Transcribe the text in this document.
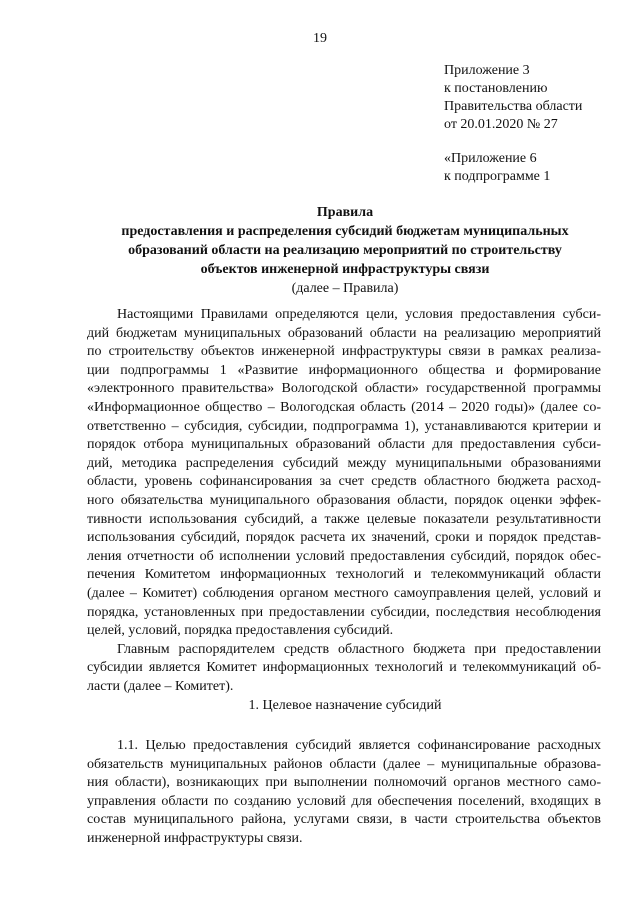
19
Приложение 3
к постановлению
Правительства области
от 20.01.2020 № 27
«Приложение 6
к подпрограмме 1
Правила
предоставления и распределения субсидий бюджетам муниципальных
образований области на реализацию мероприятий по строительству
объектов инженерной инфраструктуры связи
(далее – Правила)

Настоящими Правилами определяются цели, условия предоставления субси-
дий бюджетам муниципальных образований области на реализацию мероприятий
по строительству объектов инженерной инфраструктуры связи в рамках реализа-
ции подпрограммы 1 «Развитие информационного общества и формирование
«электронного правительства» Вологодской области» государственной программы
«Информационное общество – Вологодская область (2014 – 2020 годы)» (далее со-
ответственно – субсидия, субсидии, подпрограмма 1), устанавливаются критерии и
порядок отбора муниципальных образований области для предоставления субси-
дий, методика распределения субсидий между муниципальными образованиями
области, уровень софинансирования за счет средств областного бюджета расход-
ного обязательства муниципального образования области, порядок оценки эффек-
тивности использования субсидий, а также целевые показатели результативности
использования субсидий, порядок расчета их значений, сроки и порядок представ-
ления отчетности об исполнении условий предоставления субсидий, порядок обес-
печения Комитетом информационных технологий и телекоммуникаций области
(далее – Комитет) соблюдения органом местного самоуправления целей, условий и
порядка, установленных при предоставлении субсидии, последствия несоблюдения
целей, условий, порядка предоставления субсидий.

Главным распорядителем средств областного бюджета при предоставлении
субсидии является Комитет информационных технологий и телекоммуникаций об-
ласти (далее – Комитет).

1. Целевое назначение субсидий

1.1. Целью предоставления субсидий является софинансирование расходных
обязательств муниципальных районов области (далее – муниципальные образова-
ния области), возникающих при выполнении полномочий органов местного само-
управления области по созданию условий для обеспечения поселений, входящих в
состав муниципального района, услугами связи, в части строительства объектов
инженерной инфраструктуры связи.
